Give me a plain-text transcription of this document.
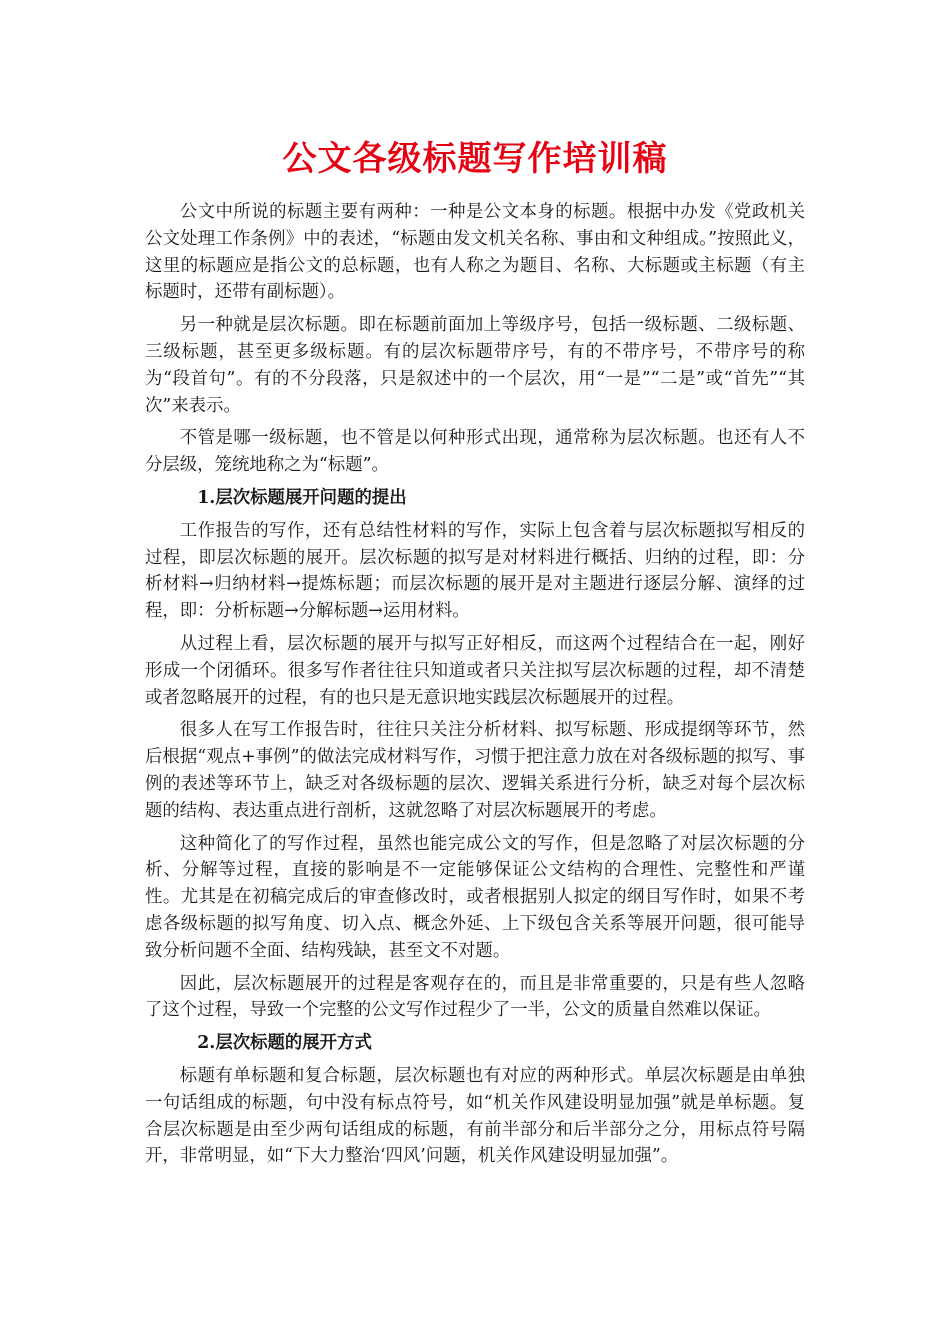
公文各级标题写作培训稿

公文中所说的标题主要有两种：一种是公文本身的标题。根据中办发《党政机关公文处理工作条例》中的表述，“标题由发文机关名称、事由和文种组成。”按照此义，这里的标题应是指公文的总标题，也有人称之为题目、名称、大标题或主标题（有主标题时，还带有副标题）。

另一种就是层次标题。即在标题前面加上等级序号，包括一级标题、二级标题、三级标题，甚至更多级标题。有的层次标题带序号，有的不带序号，不带序号的称为“段首句”。有的不分段落，只是叙述中的一个层次，用“一是”“二是”或“首先”“其次”来表示。

不管是哪一级标题，也不管是以何种形式出现，通常称为层次标题。也还有人不分层级，笼统地称之为“标题”。

1.层次标题展开问题的提出

工作报告的写作，还有总结性材料的写作，实际上包含着与层次标题拟写相反的过程，即层次标题的展开。层次标题的拟写是对材料进行概括、归纳的过程，即：分析材料→归纳材料→提炼标题；而层次标题的展开是对主题进行逐层分解、演绎的过程，即：分析标题→分解标题→运用材料。

从过程上看，层次标题的展开与拟写正好相反，而这两个过程结合在一起，刚好形成一个闭循环。很多写作者往往只知道或者只关注拟写层次标题的过程，却不清楚或者忽略展开的过程，有的也只是无意识地实践层次标题展开的过程。

很多人在写工作报告时，往往只关注分析材料、拟写标题、形成提纲等环节，然后根据“观点+事例”的做法完成材料写作，习惯于把注意力放在对各级标题的拟写、事例的表述等环节上，缺乏对各级标题的层次、逻辑关系进行分析，缺乏对每个层次标题的结构、表达重点进行剖析，这就忽略了对层次标题展开的考虑。

这种简化了的写作过程，虽然也能完成公文的写作，但是忽略了对层次标题的分析、分解等过程，直接的影响是不一定能够保证公文结构的合理性、完整性和严谨性。尤其是在初稿完成后的审查修改时，或者根据别人拟定的纲目写作时，如果不考虑各级标题的拟写角度、切入点、概念外延、上下级包含关系等展开问题，很可能导致分析问题不全面、结构残缺，甚至文不对题。

因此，层次标题展开的过程是客观存在的，而且是非常重要的，只是有些人忽略了这个过程，导致一个完整的公文写作过程少了一半，公文的质量自然难以保证。

2.层次标题的展开方式

标题有单标题和复合标题，层次标题也有对应的两种形式。单层次标题是由单独一句话组成的标题，句中没有标点符号，如“机关作风建设明显加强”就是单标题。复合层次标题是由至少两句话组成的标题，有前半部分和后半部分之分，用标点符号隔开，非常明显，如“下大力整治‘四风’问题，机关作风建设明显加强”。
